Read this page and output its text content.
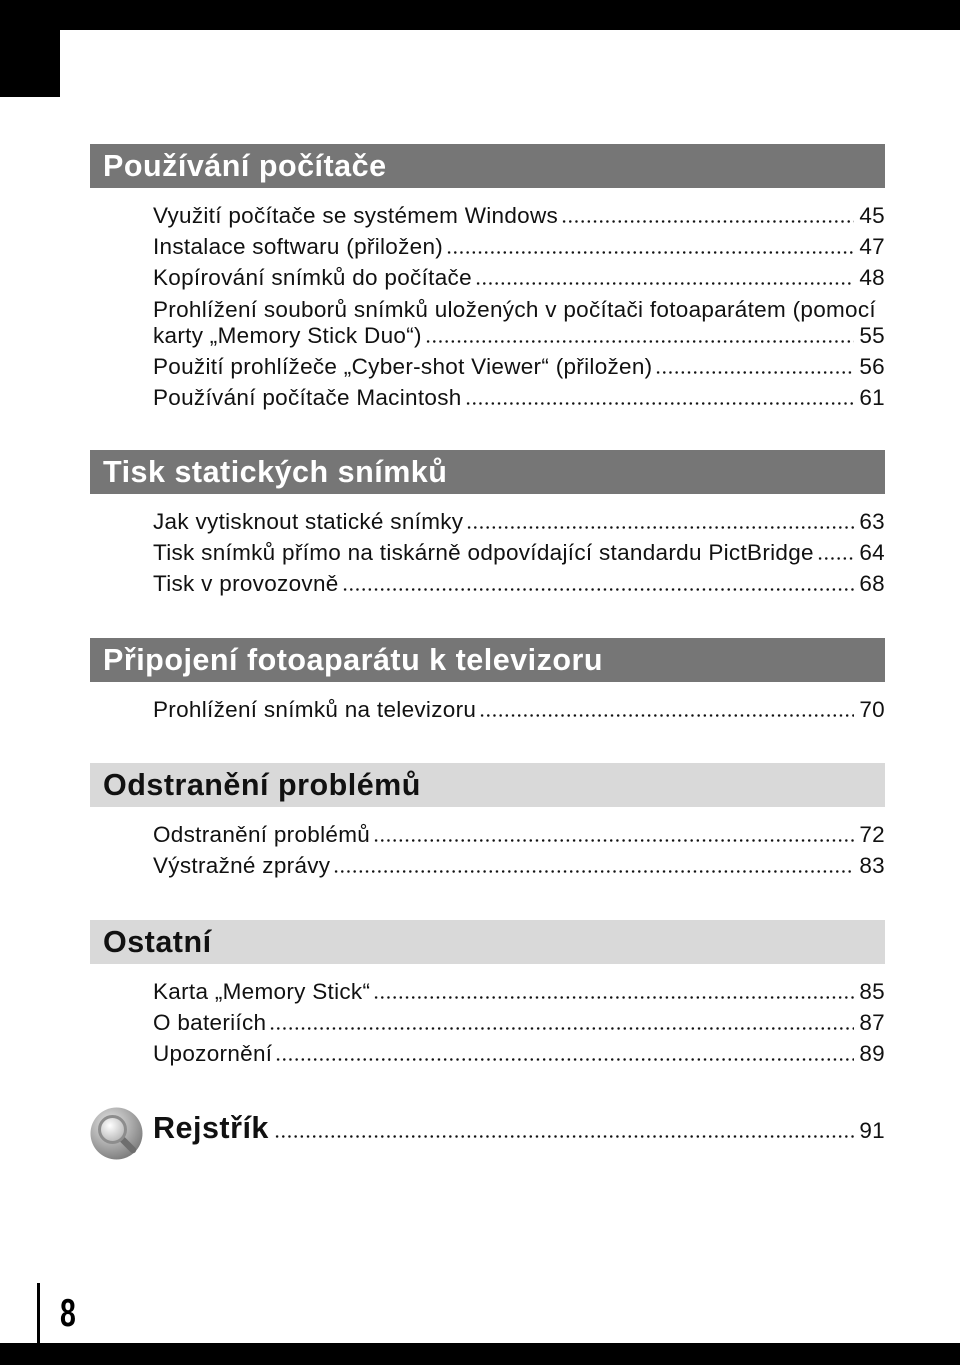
Používání počítače
Využití počítače se systémem Windows	45
Instalace softwaru (přiložen)	47
Kopírování snímků do počítače	48
Prohlížení souborů snímků uložených v počítači fotoaparátem (pomocí
karty „Memory Stick Duo“)	55
Použití prohlížeče „Cyber-shot Viewer“ (přiložen)	56
Používání počítače Macintosh	61
Tisk statických snímků
Jak vytisknout statické snímky	63
Tisk snímků přímo na tiskárně odpovídající standardu PictBridge 64
Tisk v provozovně	68
Připojení fotoaparátu k televizoru
Prohlížení snímků na televizoru	70
Odstranění problémů
Odstranění problémů	72
Výstražné zprávy	83
Ostatní
Karta „Memory Stick“	85
O bateriích	87
Upozornění	89
Rejstřík	91
8
